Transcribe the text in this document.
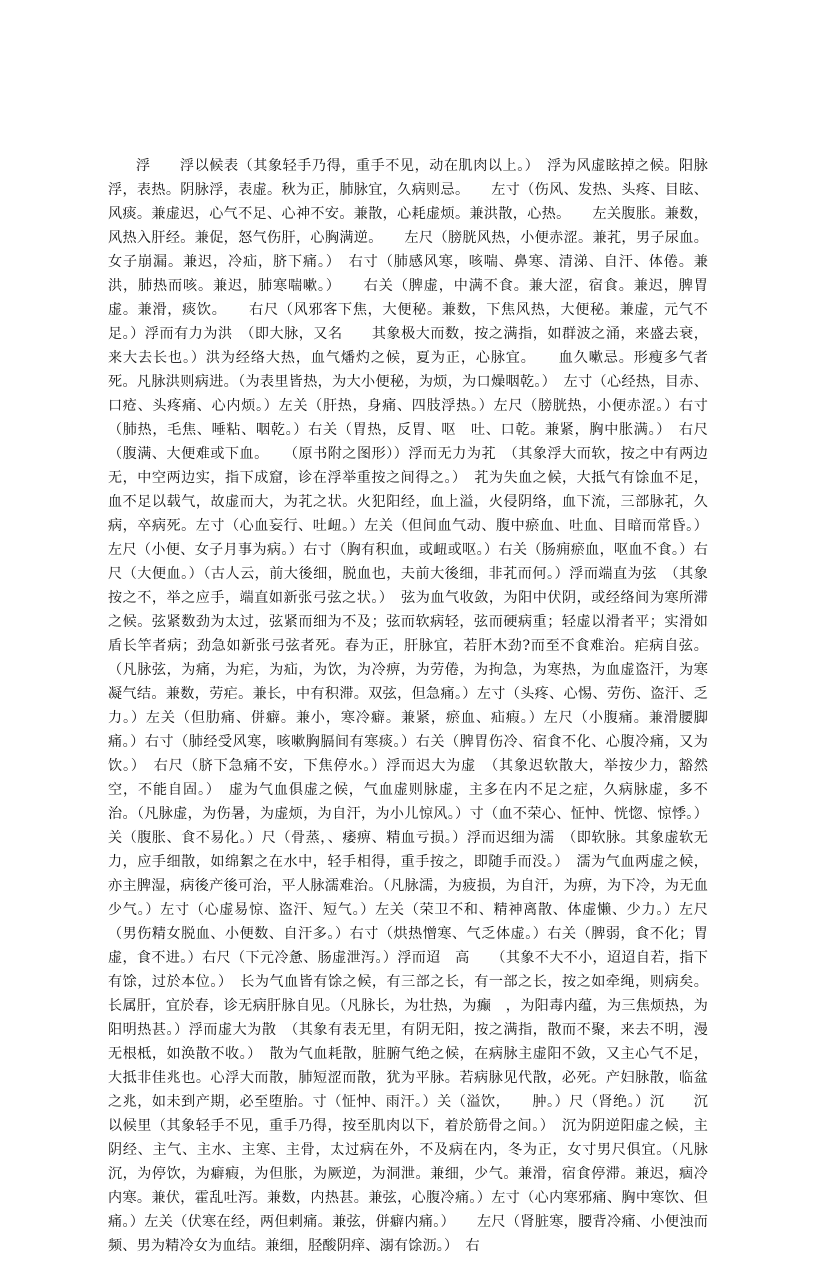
浮　　浮以候表（其象轻手乃得，重手不见，动在肌肉以上。）　浮为风虚眩掉之候。阳脉浮，表热。阴脉浮，表虚。秋为正，肺脉宜，久病则忌。　　左寸（伤风、发热、头疼、目眩、风痰。兼虚迟，心气不足、心神不安。兼散，心耗虚烦。兼洪散，心热。　　左关腹胀。兼数，风热入肝经。兼促，怒气伤肝，心胸满逆。　　左尺（膀胱风热，小便赤涩。兼芤，男子尿血。女子崩漏。兼迟，冷疝，脐下痛。）　右寸（肺感风寒，咳喘、鼻寒、清涕、自汗、体倦。兼洪，肺热而咳。兼迟，肺寒喘嗽。）　　右关（脾虚，中满不食。兼大涩，宿食。兼迟，脾胃虚。兼滑，痰饮。　　右尺（风邪客下焦，大便秘。兼数，下焦风热，大便秘。兼虚，元气不足。）浮而有力为洪　（即大脉，又名　　其象极大而数，按之满指，如群波之涌，来盛去衰，来大去长也。）洪为经络大热，血气燔灼之候，夏为正，心脉宜。　　血久嗽忌。形瘦多气者死。凡脉洪则病进。（为表里皆热，为大小便秘，为烦，为口燥咽乾。）　左寸（心经热，目赤、口疮、头疼痛、心内烦。）左关（肝热，身痛、四肢浮热。）左尺（膀胱热，小便赤涩。）右寸（肺热，毛焦、唾粘、咽乾。）右关（胃热，反胃、呕　吐、口乾。兼紧，胸中胀满。）　右尺（腹满、大便难或下血。　　（原书附之图形））浮而无力为芤　（其象浮大而软，按之中有两边无，中空两边实，指下成窟，诊在浮举重按之间得之。）　芤为失血之候，大抵气有馀血不足，血不足以载气，故虚而大，为芤之状。火犯阳经，血上溢，火侵阴络，血下流，三部脉芤，久病，卒病死。左寸（心血妄行、吐衄。）左关（但间血气动、腹中瘀血、吐血、目暗而常昏。）左尺（小便、女子月事为病。）右寸（胸有积血，或衄或呕。）右关（肠痈瘀血，呕血不食。）右尺（大便血。）（古人云，前大後细，脱血也，夫前大後细，非芤而何。）浮而端直为弦　（其象按之不，举之应手，端直如新张弓弦之状。）　弦为血气收敛，为阳中伏阴，或经络间为寒所滞之候。弦紧数劲为太过，弦紧而细为不及；弦而软病轻，弦而硬病重；轻虚以滑者平；实滑如盾长竿者病；劲急如新张弓弦者死。春为正，肝脉宜，若肝木劲?而至不食难治。疟病自弦。（凡脉弦，为痛，为疟，为疝，为饮，为冷痹，为劳倦，为拘急，为寒热，为血虚盗汗，为寒凝气结。兼数，劳疟。兼长，中有积滞。双弦，但急痛。）左寸（头疼、心惕、劳伤、盗汗、乏力。）左关（但肋痛、併癖。兼小，寒冷癖。兼紧，瘀血、疝瘕。）左尺（小腹痛。兼滑腰脚痛。）右寸（肺经受风寒，咳嗽胸膈间有寒痰。）右关（脾胃伤冷、宿食不化、心腹冷痛，又为饮。）　右尺（脐下急痛不安，下焦停水。）浮而迟大为虚　（其象迟软散大，举按少力，豁然空，不能自固。）　虚为气血俱虚之候，气血虚则脉虚，主多在内不足之症，久病脉虚，多不治。（凡脉虚，为伤暑，为虚烦，为自汗，为小儿惊风。）寸（血不荣心、怔忡、恍惚、惊悸。）关（腹胀、食不易化。）尺（骨蒸，、痿痹、精血亏损。）浮而迟细为濡　（即软脉。其象虚软无力，应手细散，如绵絮之在水中，轻手相得，重手按之，即随手而没。）　濡为气血两虚之候，亦主脾湿，病後产後可治，平人脉濡难治。（凡脉濡，为疲损，为自汗，为痹，为下冷，为无血少气。）左寸（心虚易惊、盗汗、短气。）左关（荣卫不和、精神离散、体虚懒、少力。）左尺（男伤精女脱血、小便数、自汗多。）右寸（烘热憎寒、气乏体虚。）右关（脾弱，食不化；胃虚，食不进。）右尺（下元冷惫、肠虚泄泻。）浮而迢　高　　（其象不大不小，迢迢自若，指下有馀，过於本位。）　长为气血皆有馀之候，有三部之长，有一部之长，按之如牵绳，则病矣。长属肝，宜於春，诊无病肝脉自见。（凡脉长，为壮热，为癫　，为阳毒内蕴，为三焦烦热，为阳明热甚。）浮而虚大为散　（其象有表无里，有阴无阳，按之满指，散而不聚，来去不明，漫无根柢，如涣散不收。）　散为气血耗散，脏腑气绝之候，在病脉主虚阳不敛，又主心气不足，大抵非佳兆也。心浮大而散，肺短涩而散，犹为平脉。若病脉见代散，必死。产妇脉散，临盆之兆，如未到产期，必至堕胎。寸（怔忡、雨汗。）关（溢饮，　　肿。）尺（肾绝。）沉　　沉以候里（其象轻手不见，重手乃得，按至肌肉以下，着於筋骨之间。）　沉为阴逆阳虚之候，主阴经、主气、主水、主寒、主骨，太过病在外，不及病在内，冬为正，女寸男尺俱宜。（凡脉沉，为停饮，为癖瘕，为但胀，为厥逆，为洞泄。兼细，少气。兼滑，宿食停滞。兼迟，痼冷内寒。兼伏，霍乱吐泻。兼数，内热甚。兼弦，心腹冷痛。）左寸（心内寒邪痛、胸中寒饮、但痛。）左关（伏寒在经，两但剌痛。兼弦，併癖内痛。）　　左尺（肾脏寒，腰背冷痛、小便浊而频、男为精冷女为血结。兼细，胫酸阴痒、溺有馀沥。）　右
